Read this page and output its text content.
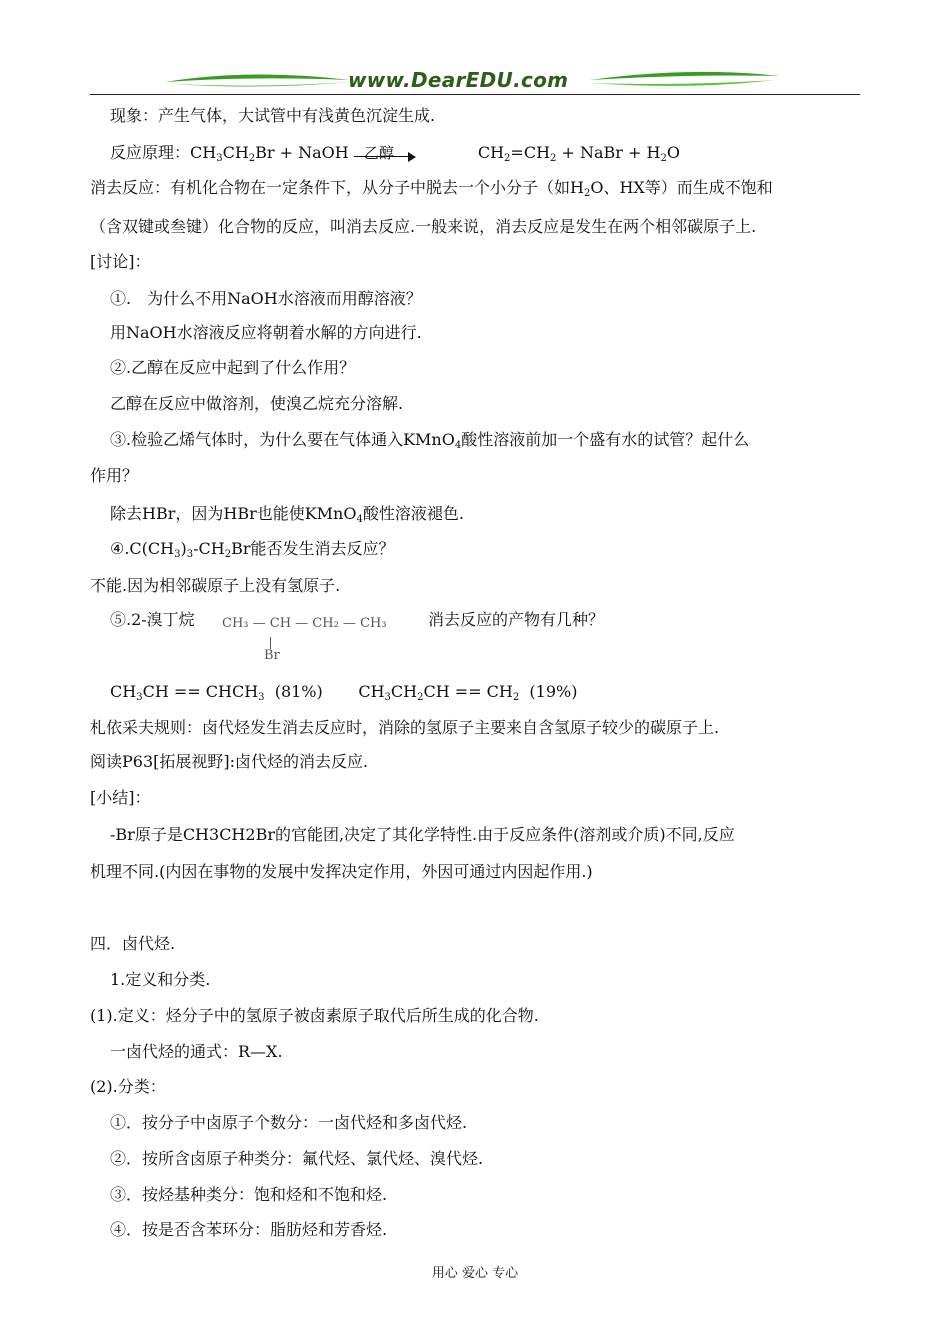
www.DearEDU.com
现象：产生气体，大试管中有浅黄色沉淀生成.
反应原理：$CH_3CH_2Br$ + NaOH 乙醇	$CH_2=CH_2$ + NaBr + $H_2O$
消去反应：有机化合物在一定条件下，从分子中脱去一个小分子（如$H_2O$、HX等）而生成不饱和
（含双键或叁键）化合物的反应，叫消去反应.一般来说，消去反应是发生在两个相邻碳原子上.
[讨论]：
①.　为什么不用NaOH水溶液而用醇溶液？
用NaOH水溶液反应将朝着水解的方向进行.
②.乙醇在反应中起到了什么作用？
乙醇在反应中做溶剂，使溴乙烷充分溶解.
③.检验乙烯气体时，为什么要在气体通入KMnO$_4$酸性溶液前加一个盛有水的试管？起什么
作用？
除去HBr，因为HBr也能使KMnO$_4$酸性溶液褪色.
$④.C(CH_3)_3-CH_2Br$能否发生消去反应？
不能.因为相邻碳原子上没有氢原子.
⑤.2-溴丁烷 CH₃ — CH — CH₂ — CH₃
Br
消去反应的产物有几种？
$CH_3CH$ == $CHCH_3$  (81%)       $CH_3CH_2CH == CH_2$  (19%)
札依采夫规则：卤代烃发生消去反应时，消除的氢原子主要来自含氢原子较少的碳原子上.
阅读P63[拓展视野]:卤代烃的消去反应.
[小结]：
-Br原子是CH3CH2Br的官能团,决定了其化学特性.由于反应条件(溶剂或介质)不同,反应
机理不同.(内因在事物的发展中发挥决定作用，外因可通过内因起作用.)
四．卤代烃.
1.定义和分类.
(1).定义：烃分子中的氢原子被卤素原子取代后所生成的化合物.
一卤代烃的通式：R—X.
(2).分类：
①．按分子中卤原子个数分：一卤代烃和多卤代烃.
②．按所含卤原子种类分：氟代烃、氯代烃、溴代烃.
③．按烃基种类分：饱和烃和不饱和烃.
④．按是否含苯环分：脂肪烃和芳香烃.
用心 爱心 专心
